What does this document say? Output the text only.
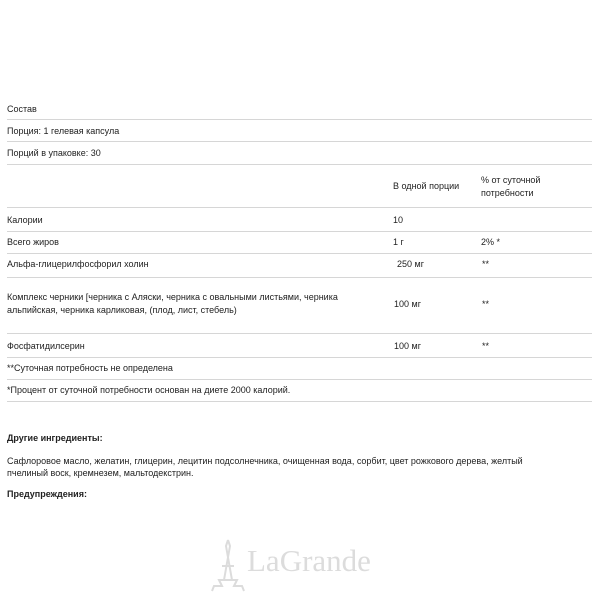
Состав
Порция: 1 гелевая капсула
Порций в упаковке: 30
В одной порции
% от суточной
потребности
Калории	10
Всего жиров	1 г	2% *
Альфа-глицерилфосфорил холин	250 мг	**
Комплекс черники [черника с Аляски, черника с овальными листьями, черника
альпийская, черника карликовая, (плод, лист, стебель)
100 мг	**
Фосфатидилсерин	100 мг	**
**Суточная потребность не определена
*Процент от суточной потребности основан на диете 2000 калорий.
Другие ингредиенты:
Сафлоровое масло, желатин, глицерин, лецитин подсолнечника, очищенная вода, сорбит, цвет рожкового дерева, желтый
пчелиный воск, кремнезем, мальтодекстрин.
Предупреждения:
LaGrande
